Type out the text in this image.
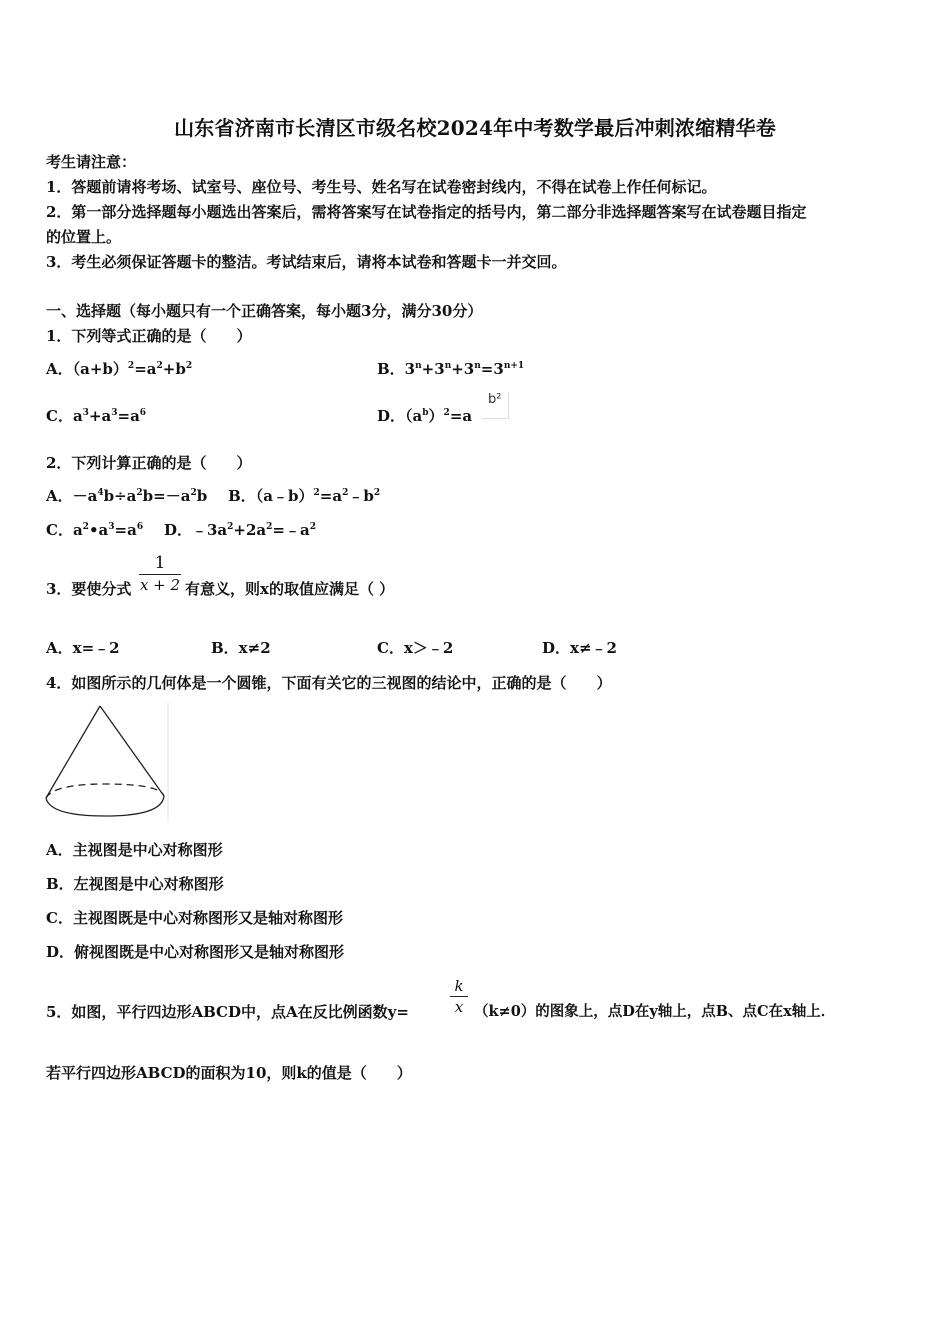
山东省济南市长清区市级名校2024年中考数学最后冲刺浓缩精华卷
考生请注意：
1．答题前请将考场、试室号、座位号、考生号、姓名写在试卷密封线内，不得在试卷上作任何标记。
2．第一部分选择题每小题选出答案后，需将答案写在试卷指定的括号内，第二部分非选择题答案写在试卷题目指定
的位置上。
3．考生必须保证答题卡的整洁。考试结束后，请将本试卷和答题卡一并交回。
一、选择题（每小题只有一个正确答案，每小题3分，满分30分）
1．下列等式正确的是（　　）
A．$(a+b)^2=a^2+b^2$	B．$3^n+3^n+3^n=3^{n+1}$
C．$a^3+a^3=a^6$	D．$(a^b)^2=a$
b²
2．下列计算正确的是（　　）
A．$-a^4b\div a^2b=-a^2b$ B．$(a﹣b)^2=a^2﹣b^2$
C．$a^2•a^3=a^6$ D．$﹣3a^2+2a^2=﹣a^2$
3．要使分式
1
x + 2 有意义，则x的取值应满足（ ）
A．x=﹣2	B．x≠2	C．x＞﹣2	D．x≠﹣2
4．如图所示的几何体是一个圆锥，下面有关它的三视图的结论中，正确的是（　　）
A．主视图是中心对称图形
B．左视图是中心对称图形
C．主视图既是中心对称图形又是轴对称图形
D．俯视图既是中心对称图形又是轴对称图形
5．如图，平行四边形ABCD中，点A在反比例函数y=
k
x （k≠0）的图象上，点D在y轴上，点B、点C在x轴上．
若平行四边形ABCD的面积为10，则k的值是（　　）
